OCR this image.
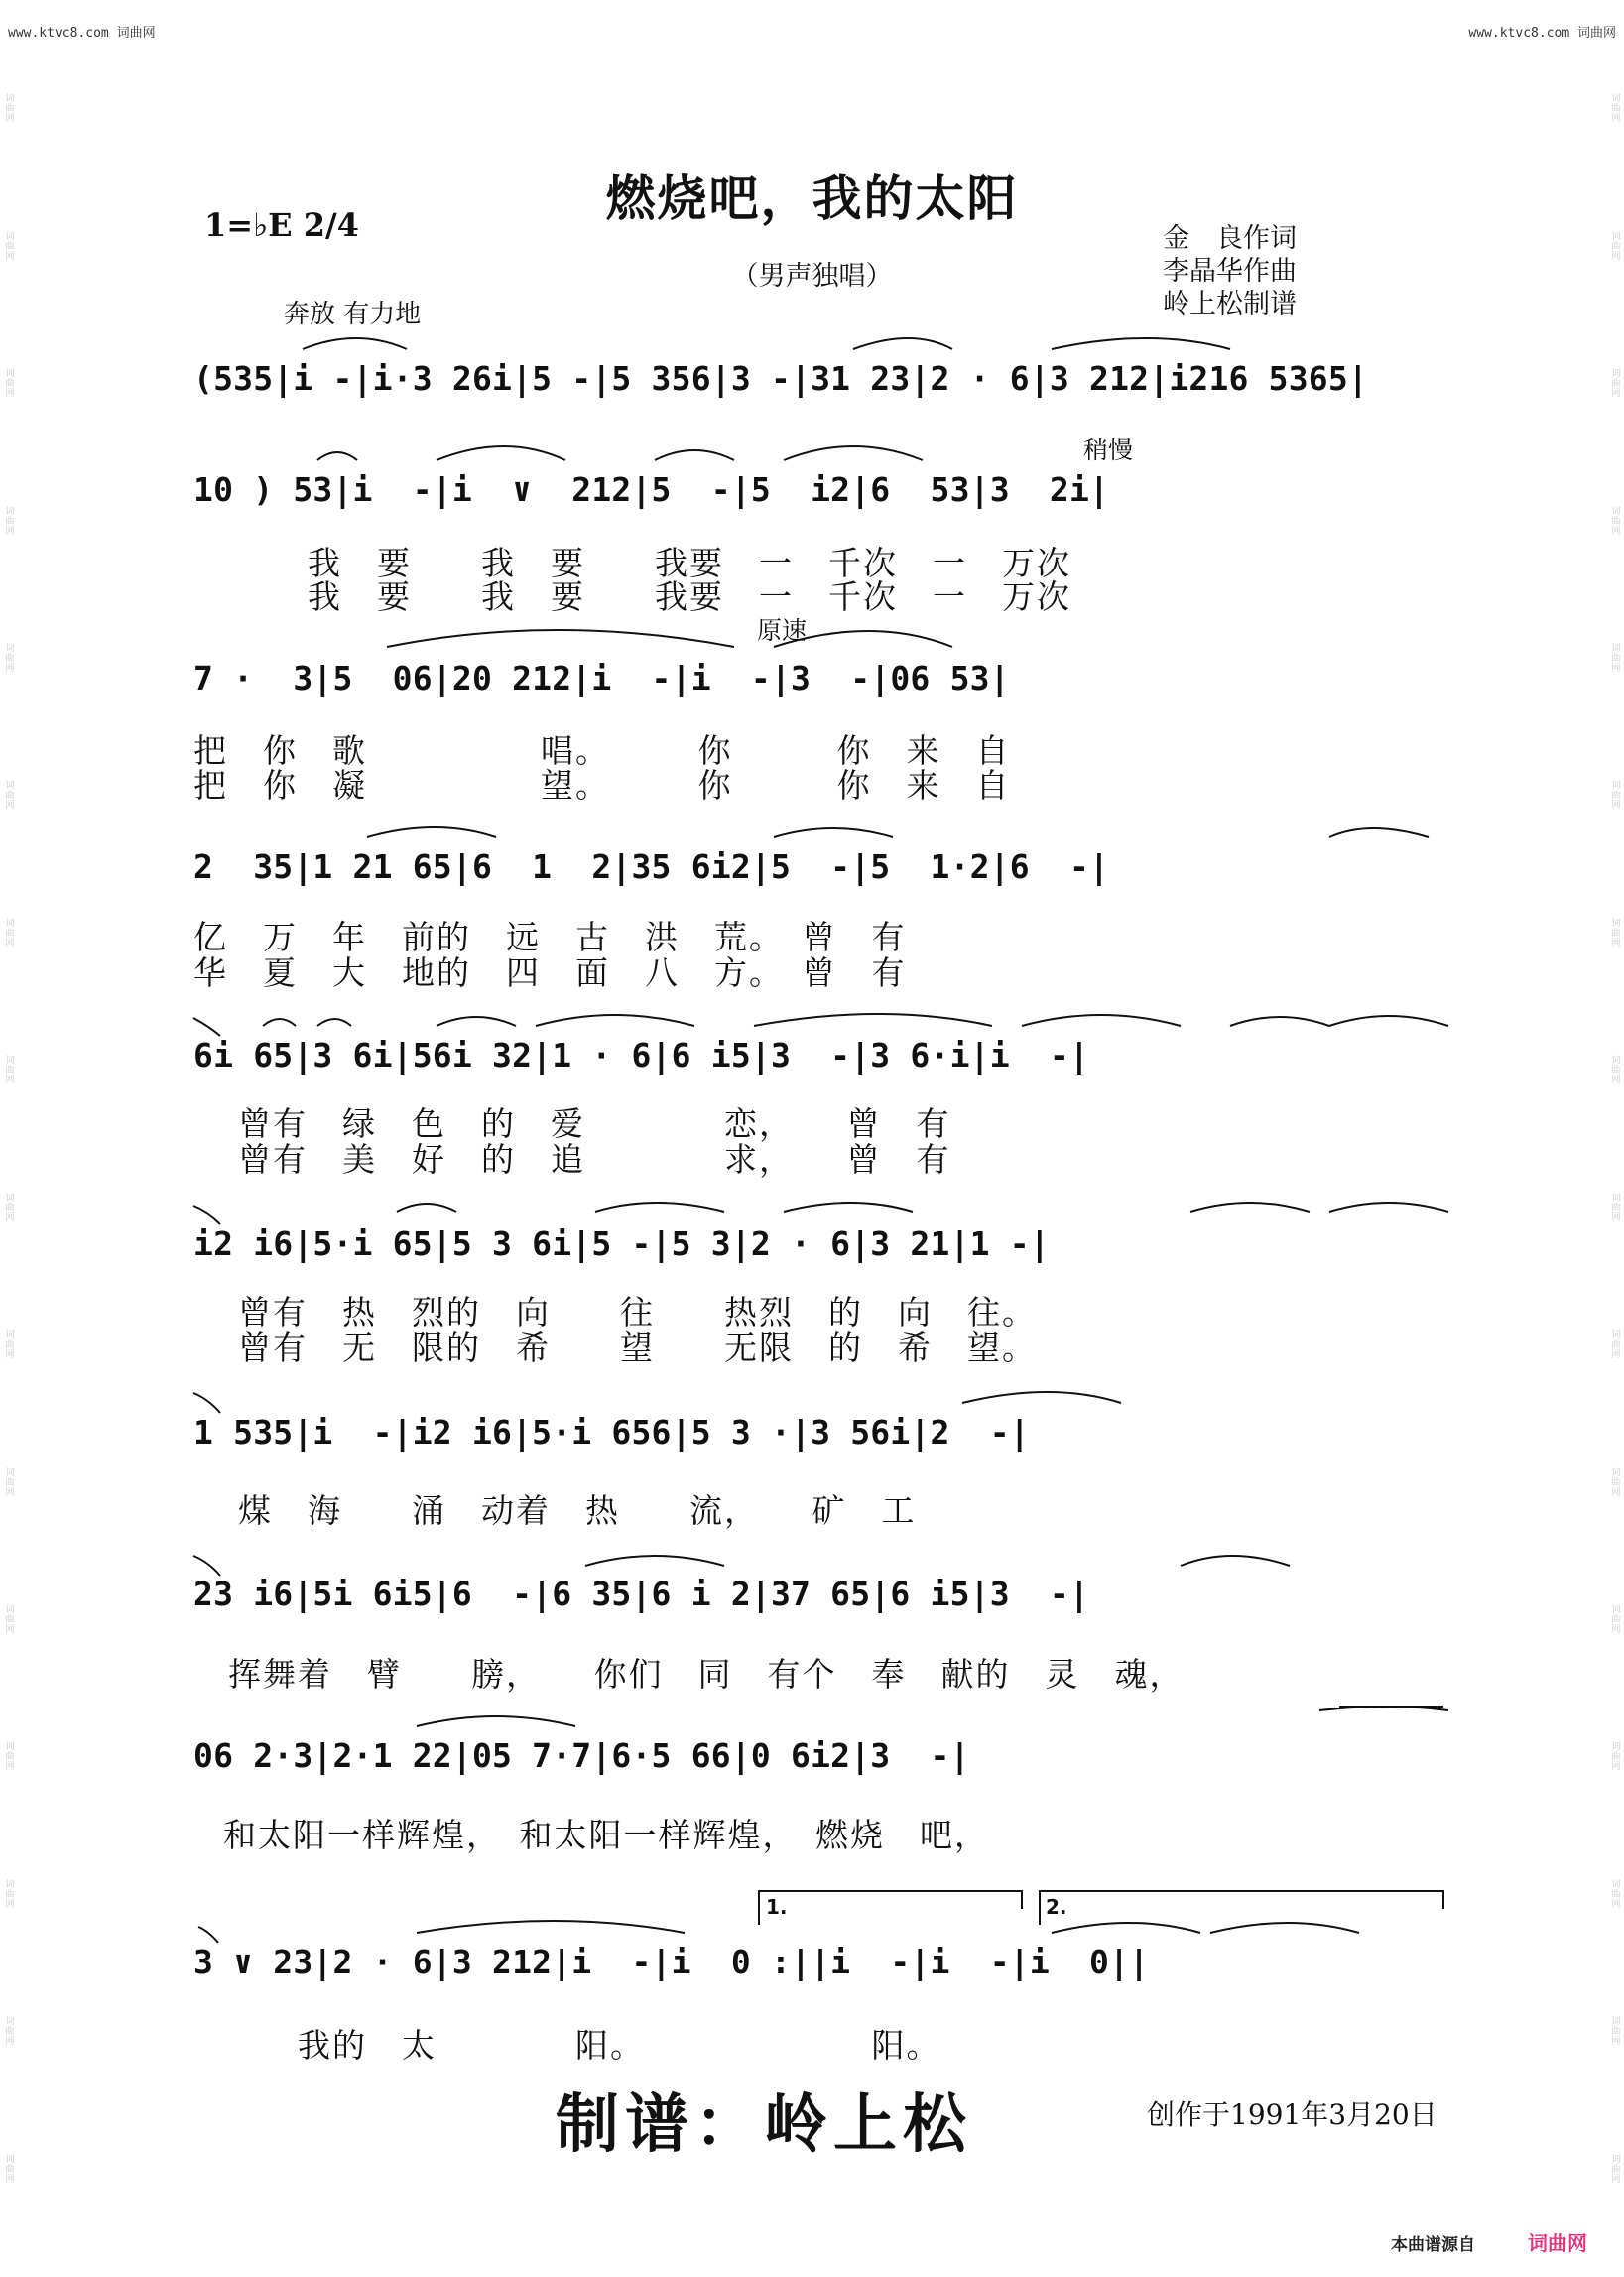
www.ktvc8.com 词曲网	www.ktvc8.com 词曲网
词曲网
词曲网
词曲网
词曲网
词曲网
词曲网
词曲网
词曲网
词曲网
词曲网
词曲网
词曲网
词曲网
词曲网
词曲网
词曲网
词曲网
词曲网
词曲网
词曲网
词曲网
词曲网
词曲网
词曲网
词曲网
词曲网
词曲网
词曲网
词曲网
词曲网
词曲网
词曲网
燃烧吧，我的太阳
（男声独唱）
1=♭E 2/4	金　良作词
李晶华作曲
岭上松制谱
奔放 有力地
稍慢
原速
(535|i -|i·3 26i|5 -|5 356|3 -|31 23|2 · 6|3 212|i216 5365|
10 ) 53|i  -|i  ∨  212|5  -|5  i2|6  53|3  2i|
我　要　　我　要　　我要　一　千次　一　万次
我　要　　我　要　　我要　一　千次　一　万次
7 ·  3|5  06|20 212|i  -|i  -|3  -|06 53|
把　你　歌　　　　　唱。　　　你　　　你　来　自
把　你　凝　　　　　望。　　　你　　　你　来　自
2  35|1 21 65|6  1  2|35 6i2|5  -|5  1·2|6  -|
亿　万　年　前的　远　古　洪　荒。　曾　有
华　夏　大　地的　四　面　八　方。　曾　有
6i 65|3 6i|56i 32|1 · 6|6 i5|3  -|3 6·i|i  -|
曾有　绿　色　的　爱　　　　恋，　　曾　有
曾有　美　好　的　追　　　　求，　　曾　有
i2 i6|5·i 65|5 3 6i|5 -|5 3|2 · 6|3 21|1 -|
曾有　热　烈的　向　　往　　热烈　的　向　往。
曾有　无　限的　希　　望　　无限　的　希　望。
1 535|i  -|i2 i6|5·i 656|5 3 ·|3 56i|2  -|
煤　海　　涌　动着　热　　流，　　矿　工
23 i6|5i 6i5|6  -|6 35|6 i 2|37 65|6 i5|3  -|
挥舞着　臂　　膀，　　你们　同　有个　奉　献的　灵　魂，
06 2·3|2·1 22|05 7·7|6·5 66|0 6i2|3  -|
和太阳一样辉煌，　和太阳一样辉煌，　燃烧　吧，
1.	2.
3 ∨ 23|2 · 6|3 212|i  -|i  0 :||i  -|i  -|i  0||
我的　太　　　　阳。　　　　　　　阳。
制谱：岭上松	创作于1991年3月20日
本曲谱源自	词曲网
